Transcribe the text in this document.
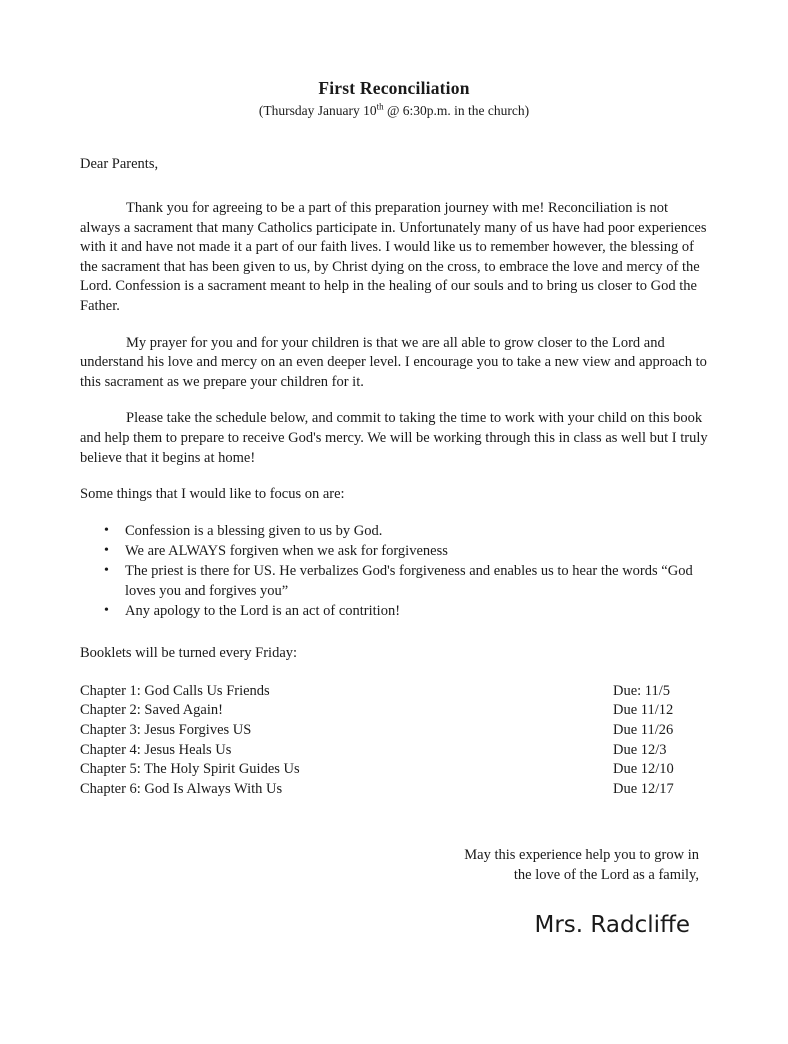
First Reconciliation
(Thursday January 10th @ 6:30p.m. in the church)
Dear Parents,

Thank you for agreeing to be a part of this preparation journey with me! Reconciliation is not always a sacrament that many Catholics participate in. Unfortunately many of us have had poor experiences with it and have not made it a part of our faith lives. I would like us to remember however, the blessing of the sacrament that has been given to us, by Christ dying on the cross, to embrace the love and mercy of the Lord. Confession is a sacrament meant to help in the healing of our souls and to bring us closer to God the Father.

My prayer for you and for your children is that we are all able to grow closer to the Lord and understand his love and mercy on an even deeper level. I encourage you to take a new view and approach to this sacrament as we prepare your children for it.

Please take the schedule below, and commit to taking the time to work with your child on this book and help them to prepare to receive God's mercy. We will be working through this in class as well but I truly believe that it begins at home!

Some things that I would like to focus on are:
• Confession is a blessing given to us by God.
• We are ALWAYS forgiven when we ask for forgiveness
• The priest is there for US. He verbalizes God's forgiveness and enables us to hear the words “God loves you and forgives you”
• Any apology to the Lord is an act of contrition!
Booklets will be turned every Friday:
Chapter 1: God Calls Us Friends	Due: 11/5
Chapter 2: Saved Again!	Due 11/12
Chapter 3: Jesus Forgives US	Due 11/26
Chapter 4: Jesus Heals Us	Due 12/3
Chapter 5: The Holy Spirit Guides Us	Due 12/10
Chapter 6: God Is Always With Us	Due 12/17
May this experience help you to grow in
the love of the Lord as a family,
Mrs. Radcliffe
